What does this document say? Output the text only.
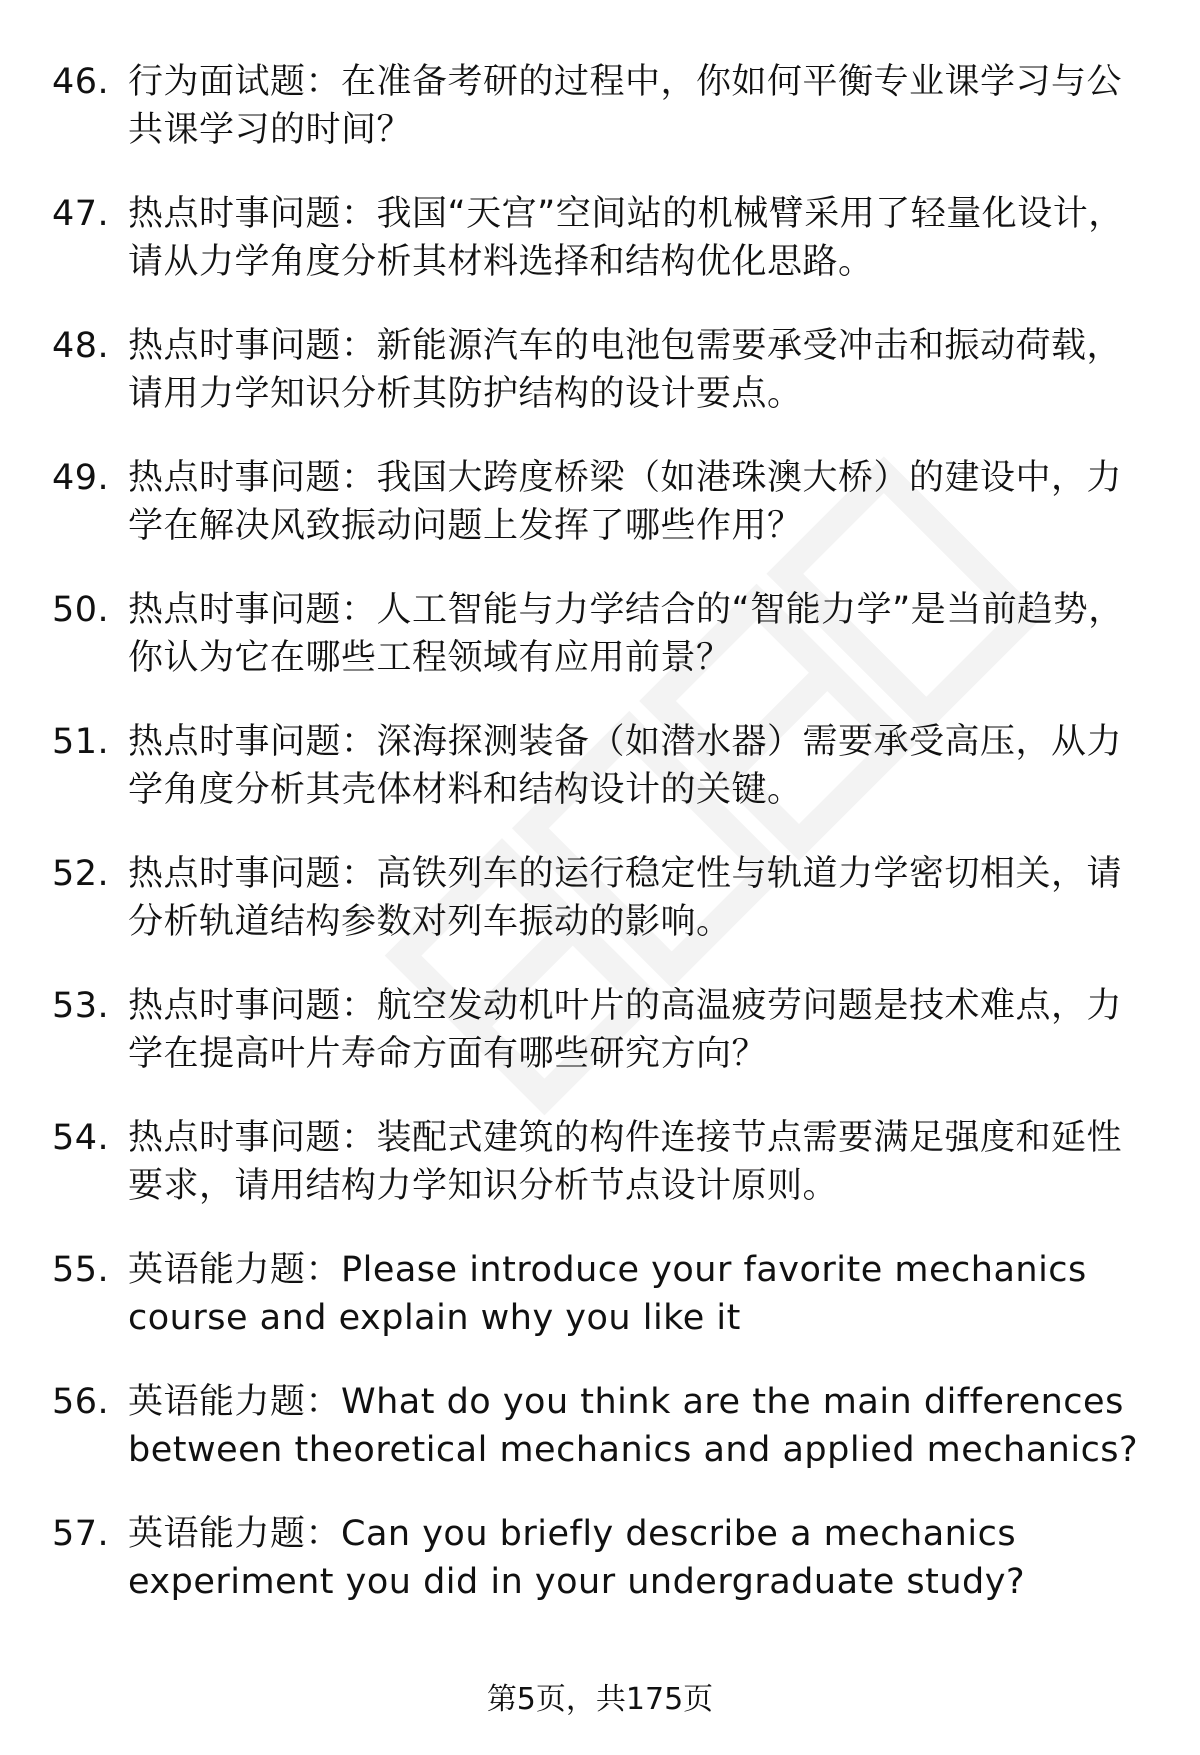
46. 行为面试题：在准备考研的过程中，你如何平衡专业课学习与公共课学习的时间？
47. 热点时事问题：我国“天宫”空间站的机械臂采用了轻量化设计，请从力学角度分析其材料选择和结构优化思路。
48. 热点时事问题：新能源汽车的电池包需要承受冲击和振动荷载，请用力学知识分析其防护结构的设计要点。
49. 热点时事问题：我国大跨度桥梁（如港珠澳大桥）的建设中，力学在解决风致振动问题上发挥了哪些作用？
50. 热点时事问题：人工智能与力学结合的“智能力学”是当前趋势，你认为它在哪些工程领域有应用前景？
51. 热点时事问题：深海探测装备（如潜水器）需要承受高压，从力学角度分析其壳体材料和结构设计的关键。
52. 热点时事问题：高铁列车的运行稳定性与轨道力学密切相关，请分析轨道结构参数对列车振动的影响。
53. 热点时事问题：航空发动机叶片的高温疲劳问题是技术难点，力学在提高叶片寿命方面有哪些研究方向？
54. 热点时事问题：装配式建筑的构件连接节点需要满足强度和延性要求，请用结构力学知识分析节点设计原则。
55. 英语能力题：Please introduce your favorite mechanics course and explain why you like it
56. 英语能力题：What do you think are the main differences between theoretical mechanics and applied mechanics?
57. 英语能力题：Can you briefly describe a mechanics experiment you did in your undergraduate study?
第5页，共175页
